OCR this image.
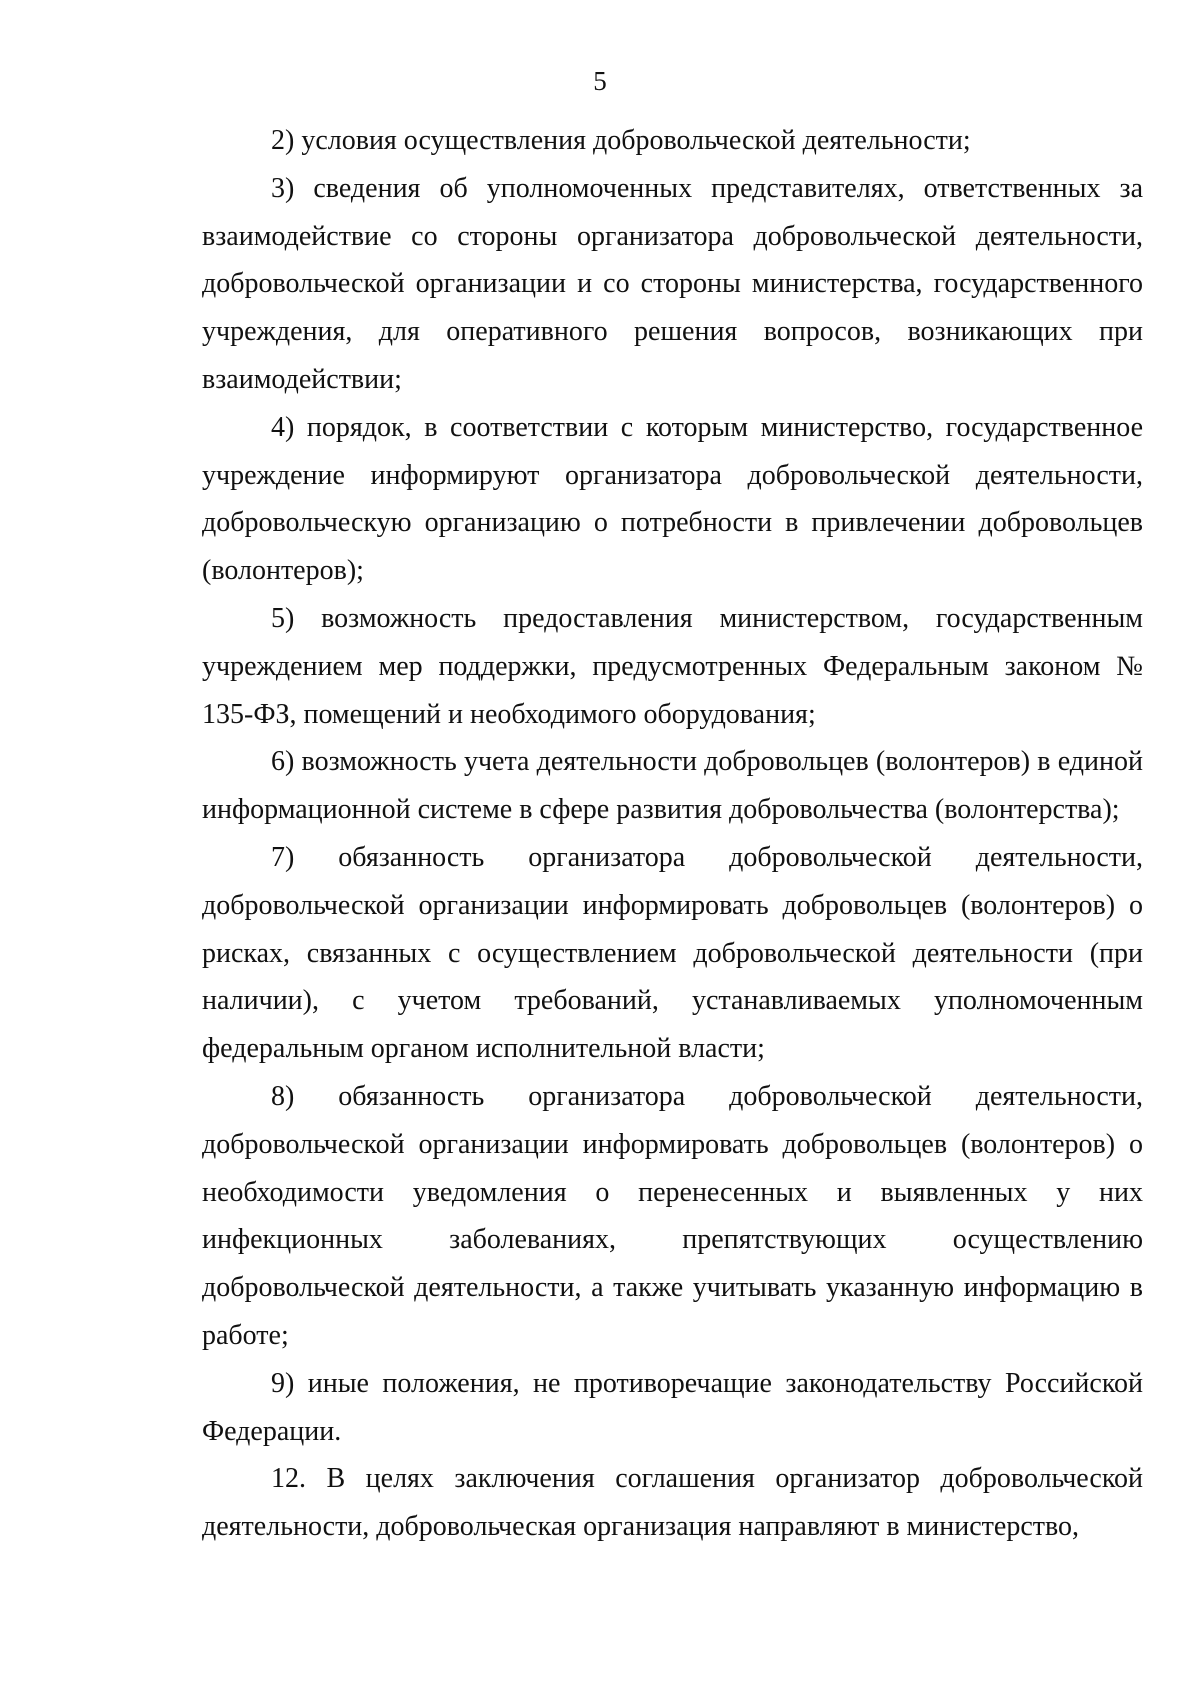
5

2) условия осуществления добровольческой деятельности;

3) сведения об уполномоченных представителях, ответственных за взаимодействие со стороны организатора добровольческой деятельности, добровольческой организации и со стороны министерства, государственного учреждения, для оперативного решения вопросов, возникающих при взаимодействии;

4) порядок, в соответствии с которым министерство, государственное учреждение информируют организатора добровольческой деятельности, добровольческую организацию о потребности в привлечении добровольцев (волонтеров);

5) возможность предоставления министерством, государственным учреждением мер поддержки, предусмотренных Федеральным законом № 135-ФЗ, помещений и необходимого оборудования;

6) возможность учета деятельности добровольцев (волонтеров) в единой информационной системе в сфере развития добровольчества (волонтерства);

7) обязанность организатора добровольческой деятельности, добровольческой организации информировать добровольцев (волонтеров) о рисках, связанных с осуществлением добровольческой деятельности (при наличии), с учетом требований, устанавливаемых уполномоченным федеральным органом исполнительной власти;

8) обязанность организатора добровольческой деятельности, добровольческой организации информировать добровольцев (волонтеров) о необходимости уведомления о перенесенных и выявленных у них инфекционных заболеваниях, препятствующих осуществлению добровольческой деятельности, а также учитывать указанную информацию в работе;

9) иные положения, не противоречащие законодательству Российской Федерации.

12. В целях заключения соглашения организатор добровольческой деятельности, добровольческая организация направляют в министерство,
